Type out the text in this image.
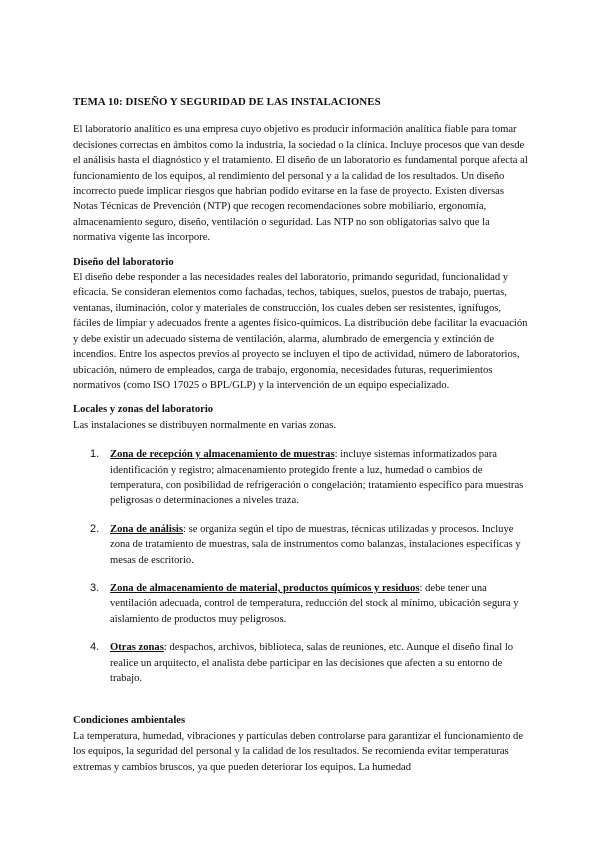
TEMA 10: DISEÑO Y SEGURIDAD DE LAS INSTALACIONES

El laboratorio analítico es una empresa cuyo objetivo es producir información analítica fiable para tomar decisiones correctas en ámbitos como la industria, la sociedad o la clínica. Incluye procesos que van desde el análisis hasta el diagnóstico y el tratamiento. El diseño de un laboratorio es fundamental porque afecta al funcionamiento de los equipos, al rendimiento del personal y a la calidad de los resultados. Un diseño incorrecto puede implicar riesgos que habrían podido evitarse en la fase de proyecto. Existen diversas Notas Técnicas de Prevención (NTP) que recogen recomendaciones sobre mobiliario, ergonomía, almacenamiento seguro, diseño, ventilación o seguridad. Las NTP no son obligatorias salvo que la normativa vigente las incorpore.

Diseño del laboratorio

El diseño debe responder a las necesidades reales del laboratorio, primando seguridad, funcionalidad y eficacia. Se consideran elementos como fachadas, techos, tabiques, suelos, puestos de trabajo, puertas, ventanas, iluminación, color y materiales de construcción, los cuales deben ser resistentes, ignífugos, fáciles de limpiar y adecuados frente a agentes físico-químicos. La distribución debe facilitar la evacuación y debe existir un adecuado sistema de ventilación, alarma, alumbrado de emergencia y extinción de incendios. Entre los aspectos previos al proyecto se incluyen el tipo de actividad, número de laboratorios, ubicación, número de empleados, carga de trabajo, ergonomía, necesidades futuras, requerimientos normativos (como ISO 17025 o BPL/GLP) y la intervención de un equipo especializado.

Locales y zonas del laboratorio

Las instalaciones se distribuyen normalmente en varias zonas.

1. Zona de recepción y almacenamiento de muestras: incluye sistemas informatizados para identificación y registro; almacenamiento protegido frente a luz, humedad o cambios de temperatura, con posibilidad de refrigeración o congelación; tratamiento específico para muestras peligrosas o determinaciones a niveles traza.
2. Zona de análisis: se organiza según el tipo de muestras, técnicas utilizadas y procesos. Incluye zona de tratamiento de muestras, sala de instrumentos como balanzas, instalaciones específicas y mesas de escritorio.
3. Zona de almacenamiento de material, productos químicos y residuos: debe tener una ventilación adecuada, control de temperatura, reducción del stock al mínimo, ubicación segura y aislamiento de productos muy peligrosos.
4. Otras zonas: despachos, archivos, biblioteca, salas de reuniones, etc. Aunque el diseño final lo realice un arquitecto, el analista debe participar en las decisiones que afecten a su entorno de trabajo.

Condiciones ambientales

La temperatura, humedad, vibraciones y partículas deben controlarse para garantizar el funcionamiento de los equipos, la seguridad del personal y la calidad de los resultados. Se recomienda evitar temperaturas extremas y cambios bruscos, ya que pueden deteriorar los equipos. La humedad
